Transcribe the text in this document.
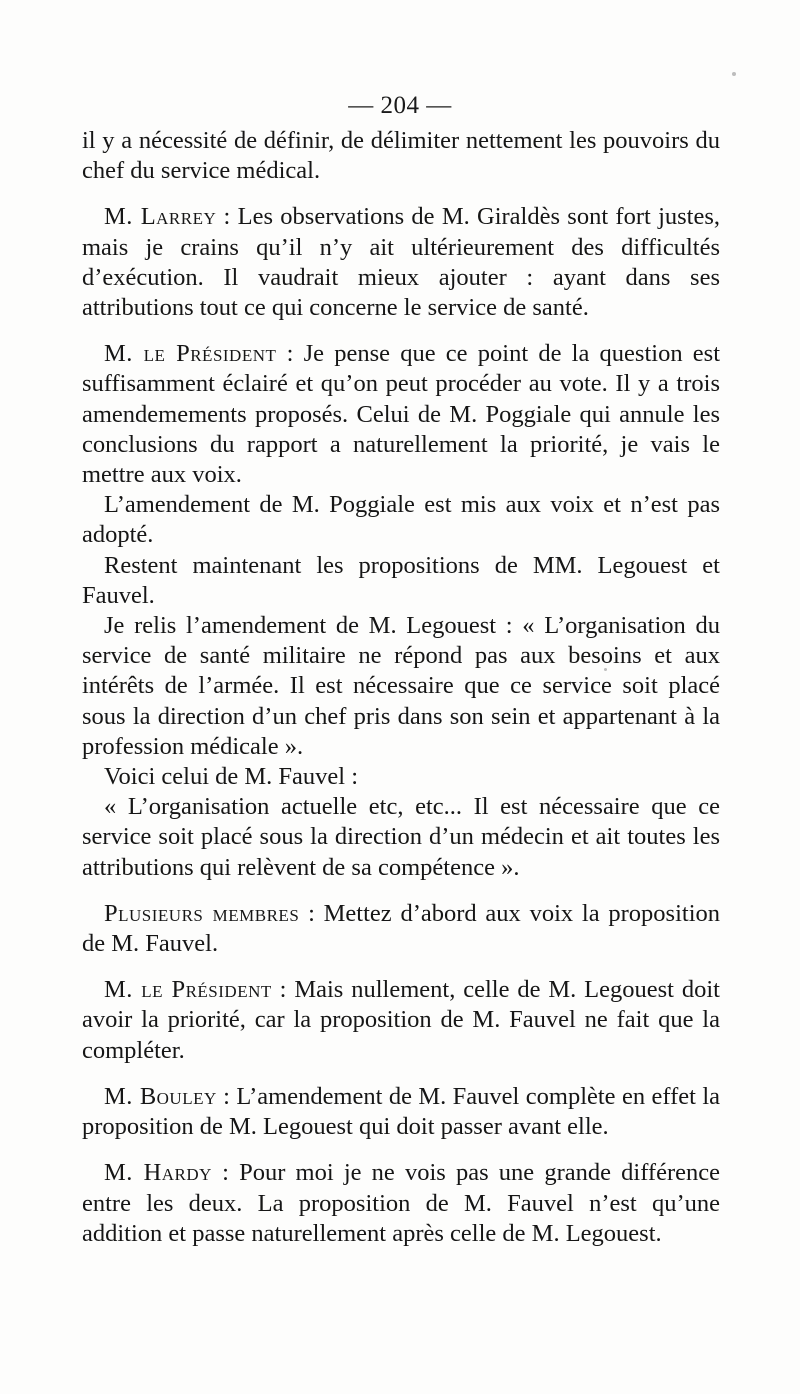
— 204 —

il y a nécessité de définir, de délimiter nettement les pouvoirs du chef du service médical.

M. Larrey : Les observations de M. Giraldès sont fort justes, mais je crains qu’il n’y ait ultérieurement des difficultés d’exécution. Il vaudrait mieux ajouter : ayant dans ses attributions tout ce qui concerne le service de santé.

M. le Président : Je pense que ce point de la question est suffisamment éclairé et qu’on peut procéder au vote. Il y a trois amendemements proposés. Celui de M. Poggiale qui annule les conclusions du rapport a naturellement la priorité, je vais le mettre aux voix.

L’amendement de M. Poggiale est mis aux voix et n’est pas adopté.

Restent maintenant les propositions de MM. Legouest et Fauvel.

Je relis l’amendement de M. Legouest : « L’organisation du service de santé militaire ne répond pas aux besoins et aux intérêts de l’armée. Il est nécessaire que ce service soit placé sous la direction d’un chef pris dans son sein et appartenant à la profession médicale ».

Voici celui de M. Fauvel :

« L’organisation actuelle etc, etc... Il est nécessaire que ce service soit placé sous la direction d’un médecin et ait toutes les attributions qui relèvent de sa compétence ».

Plusieurs membres : Mettez d’abord aux voix la proposition de M. Fauvel.

M. le Président : Mais nullement, celle de M. Legouest doit avoir la priorité, car la proposition de M. Fauvel ne fait que la compléter.

M. Bouley : L’amendement de M. Fauvel complète en effet la proposition de M. Legouest qui doit passer avant elle.

M. Hardy : Pour moi je ne vois pas une grande différence entre les deux. La proposition de M. Fauvel n’est qu’une addition et passe naturellement après celle de M. Legouest.
